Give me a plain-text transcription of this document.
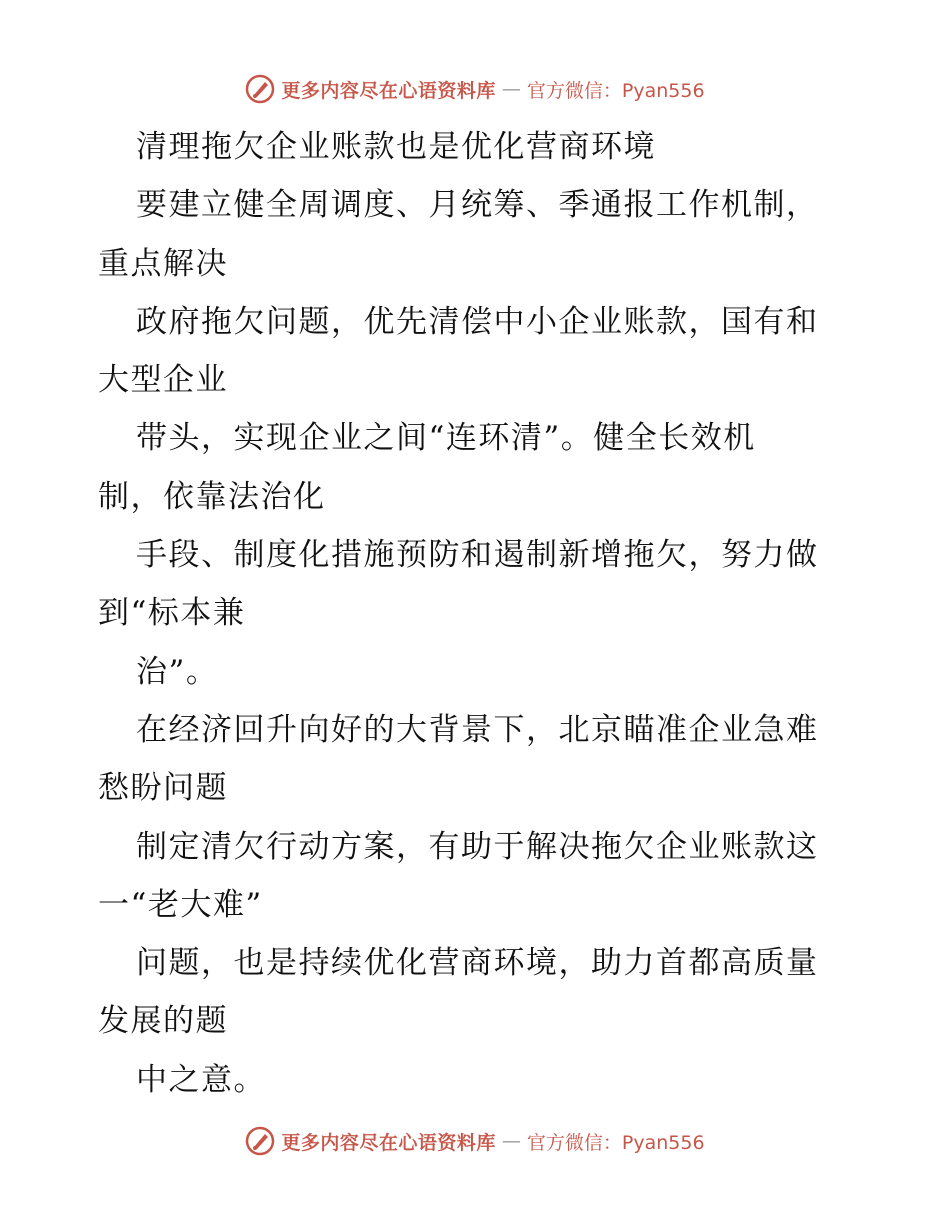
更多内容尽在心语资料库 — 官方微信：Pyan556
清理拖欠企业账款也是优化营商环境
要建立健全周调度、月统筹、季通报工作机制，
重点解决
政府拖欠问题，优先清偿中小企业账款，国有和
大型企业
带头，实现企业之间“连环清”。健全长效机
制，依靠法治化
手段、制度化措施预防和遏制新增拖欠，努力做
到“标本兼
治”。
在经济回升向好的大背景下，北京瞄准企业急难
愁盼问题
制定清欠行动方案，有助于解决拖欠企业账款这
一“老大难”
问题，也是持续优化营商环境，助力首都高质量
发展的题
中之意。
更多内容尽在心语资料库 — 官方微信：Pyan556
